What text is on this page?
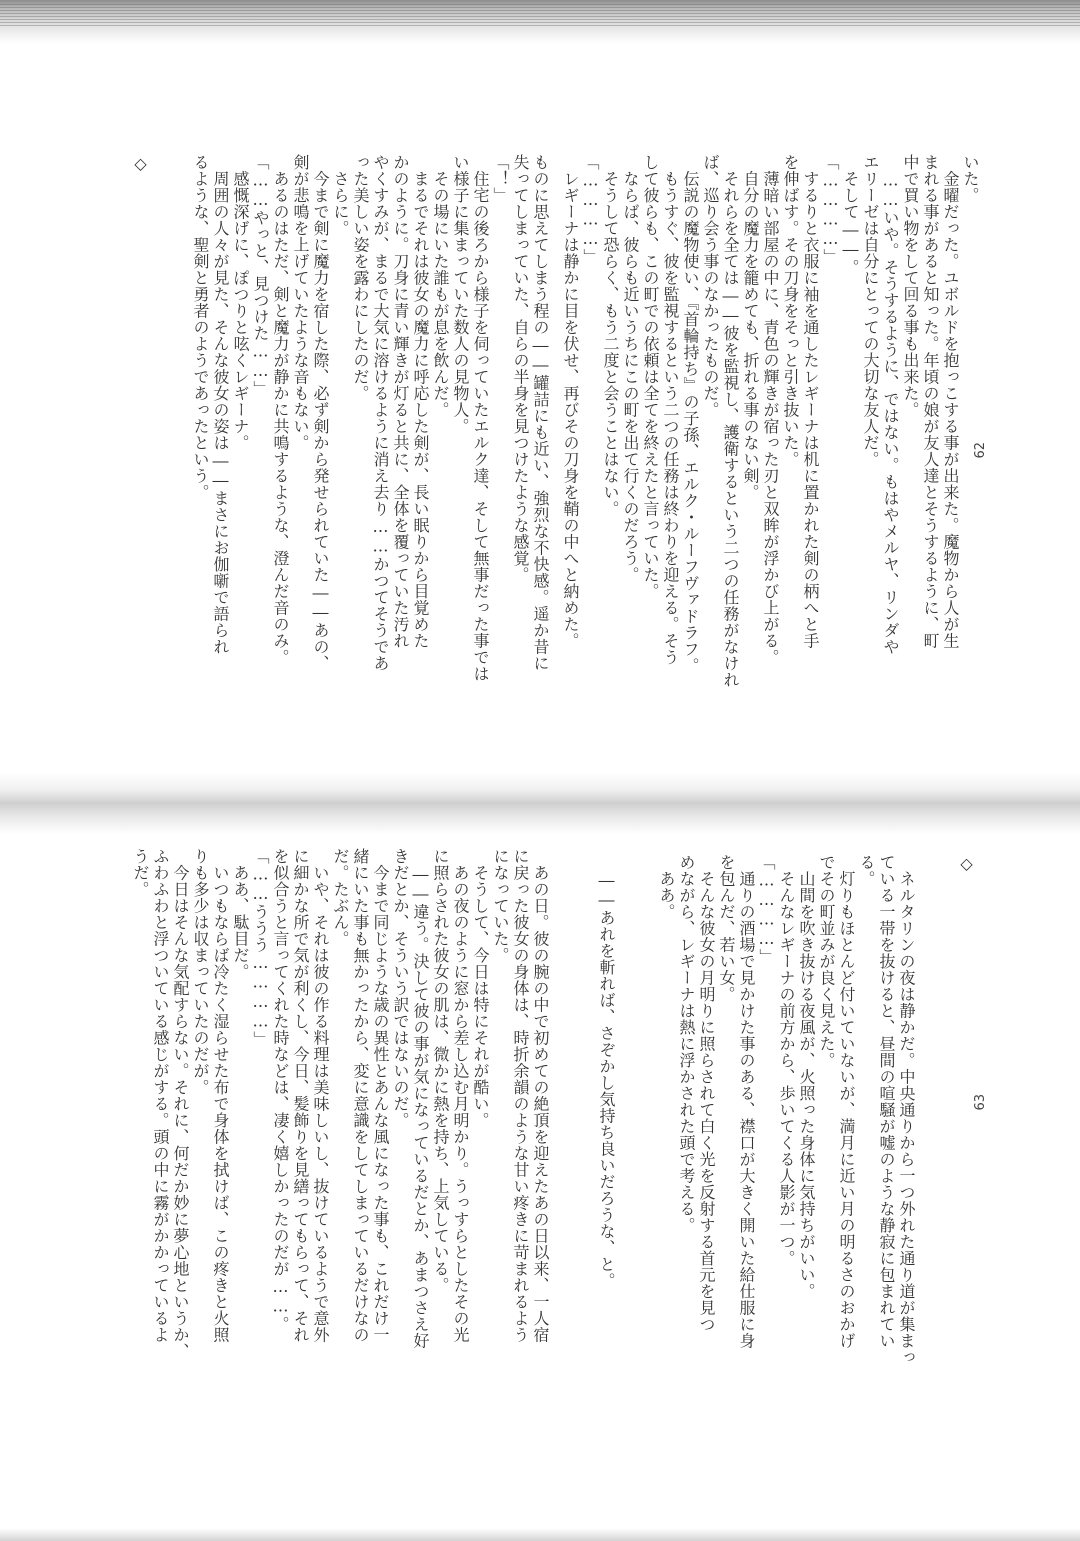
いた。

　金曜だった。ユボルドを抱っこする事が出来た。魔物から人が生

まれる事があると知った。年頃の娘が友人達とそうするように、町

中で買い物をして回る事も出来た。

　……いや。そうするように、ではない。もはやメルヤ、リンダや

エリーゼは自分にとっての大切な友人だ。

　そして――。

「…………」

　するりと衣服に袖を通したレギーナは机に置かれた剣の柄へと手

を伸ばす。その刀身をそっと引き抜いた。

　薄暗い部屋の中に、青色の輝きが宿った刃と双眸が浮かび上がる。

　自分の魔力を籠めても、折れる事のない剣。

　それらを全ては――彼を監視し、護衛するという二つの任務がなけれ

ば、巡り会う事のなかったものだ。

　伝説の魔物使い、『首輪持ち』の子孫、エルク・ルーフヴァドラフ。

　もうすぐ、彼を監視するという二つの任務は終わりを迎える。そう

して彼らも、この町での依頼は全てを終えたと言っていた。

　ならば、彼らも近いうちにこの町を出て行くのだろう。

　そうして恐らく、もう二度と会うことはない。

「…………」

　レギーナは静かに目を伏せ、再びその刀身を鞘の中へと納めた。

ものに思えてしまう程の――罐詰にも近い、強烈な不快感。遥か昔に

失ってしまっていた、自らの半身を見つけたような感覚。

「！」

　住宅の後ろから様子を伺っていたエルク達、そして無事だった事では

い様子に集まっていた数人の見物人。

　その場にいた誰もが息を飲んだ。

　まるでそれは彼女の魔力に呼応した剣が、長い眠りから目覚めた

かのように。刀身に青い輝きが灯ると共に、全体を覆っていた汚れ

やくすみが、まるで大気に溶けるように消え去り……かつてそうであ

った美しい姿を露わにしたのだ。

　さらに。

　今まで剣に魔力を宿した際、必ず剣から発せられていた――あの、

剣が悲鳴を上げていたような音もない。

　あるのはただ、剣と魔力が静かに共鳴するような、澄んだ音のみ。

「……やっと、見つけた……」

　感慨深げに、ぽつりと呟くレギーナ。

　周囲の人々が見た、そんな彼女の姿は――まさにお伽噺で語られ

るような、聖剣と勇者のようであったという。

◇

62

◇

　ネルタリンの夜は静かだ。中央通りから一つ外れた通り道が集まっ

ている一帯を抜けると、昼間の喧騒が嘘のような静寂に包まれてい

る。

　灯りもほとんど付いていないが、満月に近い月の明るさのおかげ

でその町並みが良く見えた。

　山間を吹き抜ける夜風が、火照った身体に気持ちがいい。

　そんなレギーナの前方から、歩いてくる人影が一つ。

「…………」

　通りの酒場で見かけた事のある、襟口が大きく開いた給仕服に身

を包んだ、若い女。

　そんな彼女の月明りに照らされて白く光を反射する首元を見つ

めながら、レギーナは熱に浮かされた頭で考える。

　ああ。

　――あれを斬れば、さぞかし気持ち良いだろうな、と。

　あの日。彼の腕の中で初めての絶頂を迎えたあの日以来、一人宿

に戻った彼女の身体は、時折余韻のような甘い疼きに苛まれるよう

になっていた。

　そうして、今日は特にそれが酷い。

　あの夜のように窓から差し込む月明かり。うっすらとしたその光

に照らされた彼女の肌は、微かに熱を持ち、上気している。

　――違う。決して彼の事が気になっているだとか、あまつさえ好

きだとか、そういう訳ではないのだ。

　今まで同じような歳の異性とあんな風になった事も、これだけ一

緒にいた事も無かったから、変に意識をしてしまっているだけなの

だ。たぶん。

　いや、それは彼の作る料理は美味しいし、抜けているようで意外

に細かな所で気が利くし、今日、髪飾りを見繕ってもらって、それ

を似合うと言ってくれた時などは、凄く嬉しかったのだが……。

「……ううう…………」

　ああ、駄目だ。

　いつもならば冷たく湿らせた布で身体を拭けば、この疼きと火照

りも多少は収まっていたのだが。

　今日はそんな気配すらない。それに、何だか妙に夢心地というか、

ふわふわと浮ついている感じがする。頭の中に霧がかかっているよ

うだ。

63
